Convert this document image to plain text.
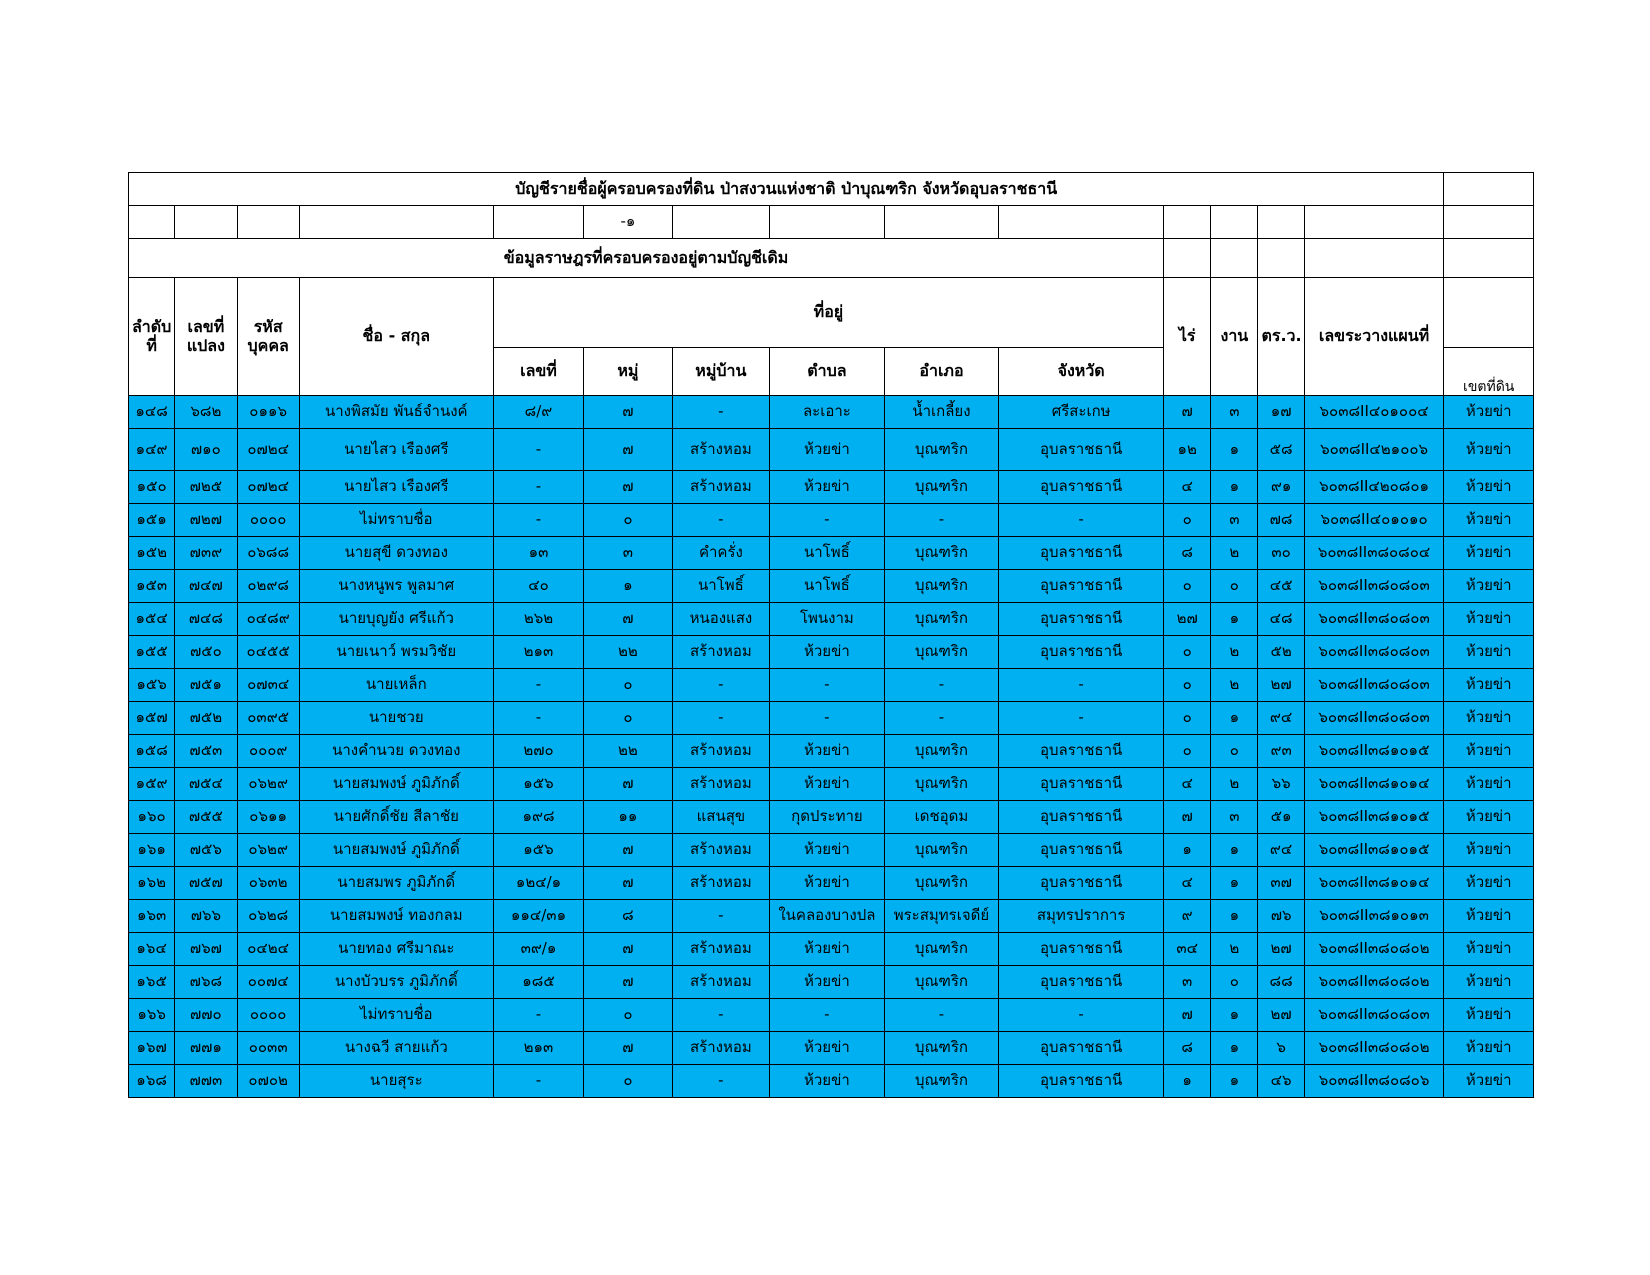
บัญชีรายชื่อผู้ครอบครองที่ดิน ป่าสงวนแห่งชาติ ป่าบุณฑริก จังหวัดอุบลราชธานี														
					-๑									
ข้อมูลราษฎรที่ครอบครองอยู่ตามบัญชีเดิม														
ลำดับที่	เลขที่แปลง	รหัสบุคคล	ชื่อ - สกุล	ที่อยู่						ไร่	งาน	ตร.ว.	เลขระวางแผนที่	
				เลขที่	หมู่	หมู่บ้าน	ตำบล	อำเภอ	จังหวัด					เขตที่ดิน
๑๔๘	๖๘๒	๐๑๑๖	นางพิสมัย พันธ์จำนงค์	๘/๙	๗	-	ละเอาะ	น้ำเกลี้ยง	ศรีสะเกษ	๗	๓	๑๗	๖๐๓๘II๔๐๑๐๐๔	ห้วยข่า
๑๔๙	๗๑๐	๐๗๒๔	นายไสว เรืองศรี	-	๗	สร้างหอม	ห้วยข่า	บุณฑริก	อุบลราชธานี	๑๒	๑	๕๘	๖๐๓๘II๔๒๑๐๐๖	ห้วยข่า
๑๕๐	๗๒๕	๐๗๒๔	นายไสว เรืองศรี	-	๗	สร้างหอม	ห้วยข่า	บุณฑริก	อุบลราชธานี	๔	๑	๙๑	๖๐๓๘II๔๒๐๘๐๑	ห้วยข่า
๑๕๑	๗๒๗	๐๐๐๐	ไม่ทราบชื่อ	-	๐	-	-	-	-	๐	๓	๗๘	๖๐๓๘II๔๐๑๐๑๐	ห้วยข่า
๑๕๒	๗๓๙	๐๖๘๘	นายสุขี ดวงทอง	๑๓	๓	คำครั่ง	นาโพธิ์	บุณฑริก	อุบลราชธานี	๘	๒	๓๐	๖๐๓๘II๓๘๐๘๐๔	ห้วยข่า
๑๕๓	๗๔๗	๐๒๙๘	นางหนูพร พูลมาศ	๔๐	๑	นาโพธิ์	นาโพธิ์	บุณฑริก	อุบลราชธานี	๐	๐	๔๕	๖๐๓๘II๓๘๐๘๐๓	ห้วยข่า
๑๕๔	๗๔๘	๐๔๘๙	นายบุญยัง ศรีแก้ว	๒๖๒	๗	หนองแสง	โพนงาม	บุณฑริก	อุบลราชธานี	๒๗	๑	๔๘	๖๐๓๘II๓๘๐๘๐๓	ห้วยข่า
๑๕๕	๗๕๐	๐๔๕๕	นายเนาว์ พรมวิชัย	๒๑๓	๒๒	สร้างหอม	ห้วยข่า	บุณฑริก	อุบลราชธานี	๐	๒	๕๒	๖๐๓๘II๓๘๐๘๐๓	ห้วยข่า
๑๕๖	๗๕๑	๐๗๓๔	นายเหล็ก	-	๐	-	-	-	-	๐	๒	๒๗	๖๐๓๘II๓๘๐๘๐๓	ห้วยข่า
๑๕๗	๗๕๒	๐๓๙๕	นายชวย	-	๐	-	-	-	-	๐	๑	๙๔	๖๐๓๘II๓๘๐๘๐๓	ห้วยข่า
๑๕๘	๗๕๓	๐๐๐๙	นางคำนวย ดวงทอง	๒๗๐	๒๒	สร้างหอม	ห้วยข่า	บุณฑริก	อุบลราชธานี	๐	๐	๙๓	๖๐๓๘II๓๘๑๐๑๕	ห้วยข่า
๑๕๙	๗๕๔	๐๖๒๙	นายสมพงษ์ ภูมิภักดิ์	๑๕๖	๗	สร้างหอม	ห้วยข่า	บุณฑริก	อุบลราชธานี	๔	๒	๖๖	๖๐๓๘II๓๘๑๐๑๔	ห้วยข่า
๑๖๐	๗๕๕	๐๖๑๑	นายศักดิ์ชัย สีลาชัย	๑๙๘	๑๑	แสนสุข	กุดประทาย	เดชอุดม	อุบลราชธานี	๗	๓	๕๑	๖๐๓๘II๓๘๑๐๑๕	ห้วยข่า
๑๖๑	๗๕๖	๐๖๒๙	นายสมพงษ์ ภูมิภักดิ์	๑๕๖	๗	สร้างหอม	ห้วยข่า	บุณฑริก	อุบลราชธานี	๑	๑	๙๔	๖๐๓๘II๓๘๑๐๑๕	ห้วยข่า
๑๖๒	๗๕๗	๐๖๓๒	นายสมพร ภูมิภักดิ์	๑๒๔/๑	๗	สร้างหอม	ห้วยข่า	บุณฑริก	อุบลราชธานี	๔	๑	๓๗	๖๐๓๘II๓๘๑๐๑๔	ห้วยข่า
๑๖๓	๗๖๖	๐๖๒๘	นายสมพงษ์ ทองกลม	๑๑๔/๓๑	๘	-	ในคลองบางปล	พระสมุทรเจดีย์	สมุทรปราการ	๙	๑	๗๖	๖๐๓๘II๓๘๑๐๑๓	ห้วยข่า
๑๖๔	๗๖๗	๐๔๒๔	นายทอง ศรีมาณะ	๓๙/๑	๗	สร้างหอม	ห้วยข่า	บุณฑริก	อุบลราชธานี	๓๔	๒	๒๗	๖๐๓๘II๓๘๐๘๐๒	ห้วยข่า
๑๖๕	๗๖๘	๐๐๗๔	นางบัวบรร ภูมิภักดิ์	๑๘๕	๗	สร้างหอม	ห้วยข่า	บุณฑริก	อุบลราชธานี	๓	๐	๘๘	๖๐๓๘II๓๘๐๘๐๒	ห้วยข่า
๑๖๖	๗๗๐	๐๐๐๐	ไม่ทราบชื่อ	-	๐	-	-	-	-	๗	๑	๒๗	๖๐๓๘II๓๘๐๘๐๓	ห้วยข่า
๑๖๗	๗๗๑	๐๐๓๓	นางฉวี สายแก้ว	๒๑๓	๗	สร้างหอม	ห้วยข่า	บุณฑริก	อุบลราชธานี	๘	๑	๖	๖๐๓๘II๓๘๐๘๐๒	ห้วยข่า
๑๖๘	๗๗๓	๐๗๐๒	นายสุระ	-	๐	-	ห้วยข่า	บุณฑริก	อุบลราชธานี	๑	๑	๔๖	๖๐๓๘II๓๘๐๘๐๖	ห้วยข่า
